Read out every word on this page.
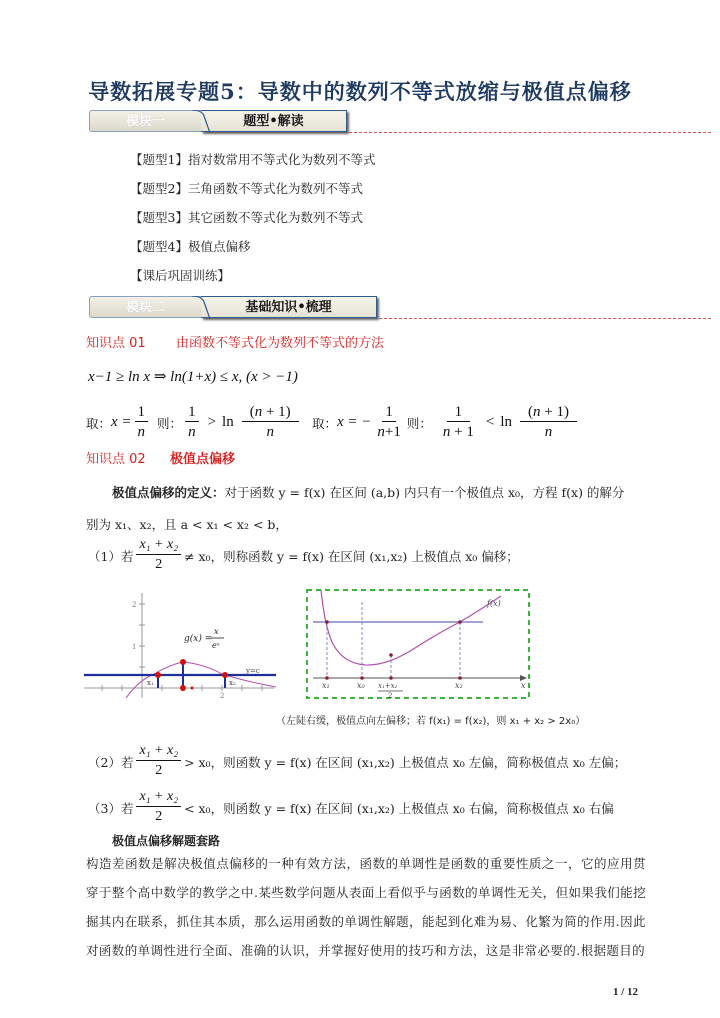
导数拓展专题5：导数中的数列不等式放缩与极值点偏移
模块一	题型•解读
【题型1】指对数常用不等式化为数列不等式
【题型2】三角函数不等式化为数列不等式
【题型3】其它函数不等式化为数列不等式
【题型4】极值点偏移
【课后巩固训练】
模块二	基础知识•梳理
知识点 01 由函数不等式化为数列不等式的方法
x−1 ≥ ln x ⇒ ln(1+x) ≤ x, (x > −1)
取： $x = \frac{1}{n}$ 则： $\frac{1}{n} > \ln \frac{(n + 1)}{n}$ 取： x = − $\frac{1}{n+1}$ 则： $\frac{1}{n + 1} < \ln \frac{(n + 1)}{n}$
知识点 02 极值点偏移
极值点偏移的定义：对于函数 y = f(x) 在区间 (a,b) 内只有一个极值点 x₀，方程 f(x) 的解分
别为 x₁、x₂，且 a < x₁ < x₂ < b，
（1）若 $\frac{\text{x₁ + x₂}}{2} \ne x_0$，则称函数 y = f(x) 在区间 (x₁,x₂) 上极值点 x₀ 偏移；
2
1
2
x₁	x₂
y=c
g(x) =
x
eˣ
x
f(x)
x₁	x₀ x₁+x₂
2
x₂
（左陡右缓，极值点向左偏移；若 f(x₁) = f(x₂)，则 x₁ + x₂ > 2x₀）
（2）若 $\frac{\text{x₁ + x₂}}{2} > x_0$，则函数 y = f(x) 在区间 (x₁,x₂) 上极值点 x₀ 左偏，简称极值点 x₀ 左偏；
（3）若 $\frac{\text{x₁ + x₂}}{2} < x_0$，则函数 y = f(x) 在区间 (x₁,x₂) 上极值点 x₀ 右偏，简称极值点 x₀ 右偏
极值点偏移解题套路
构造差函数是解决极值点偏移的一种有效方法，函数的单调性是函数的重要性质之一，它的应用贯穿于整个高中数学的教学之中.某些数学问题从表面上看似乎与函数的单调性无关，但如果我们能挖掘其内在联系，抓住其本质，那么运用函数的单调性解题，能起到化难为易、化繁为简的作用.因此对函数的单调性进行全面、准确的认识，并掌握好使用的技巧和方法，这是非常必要的.根据题目的
1 / 12
